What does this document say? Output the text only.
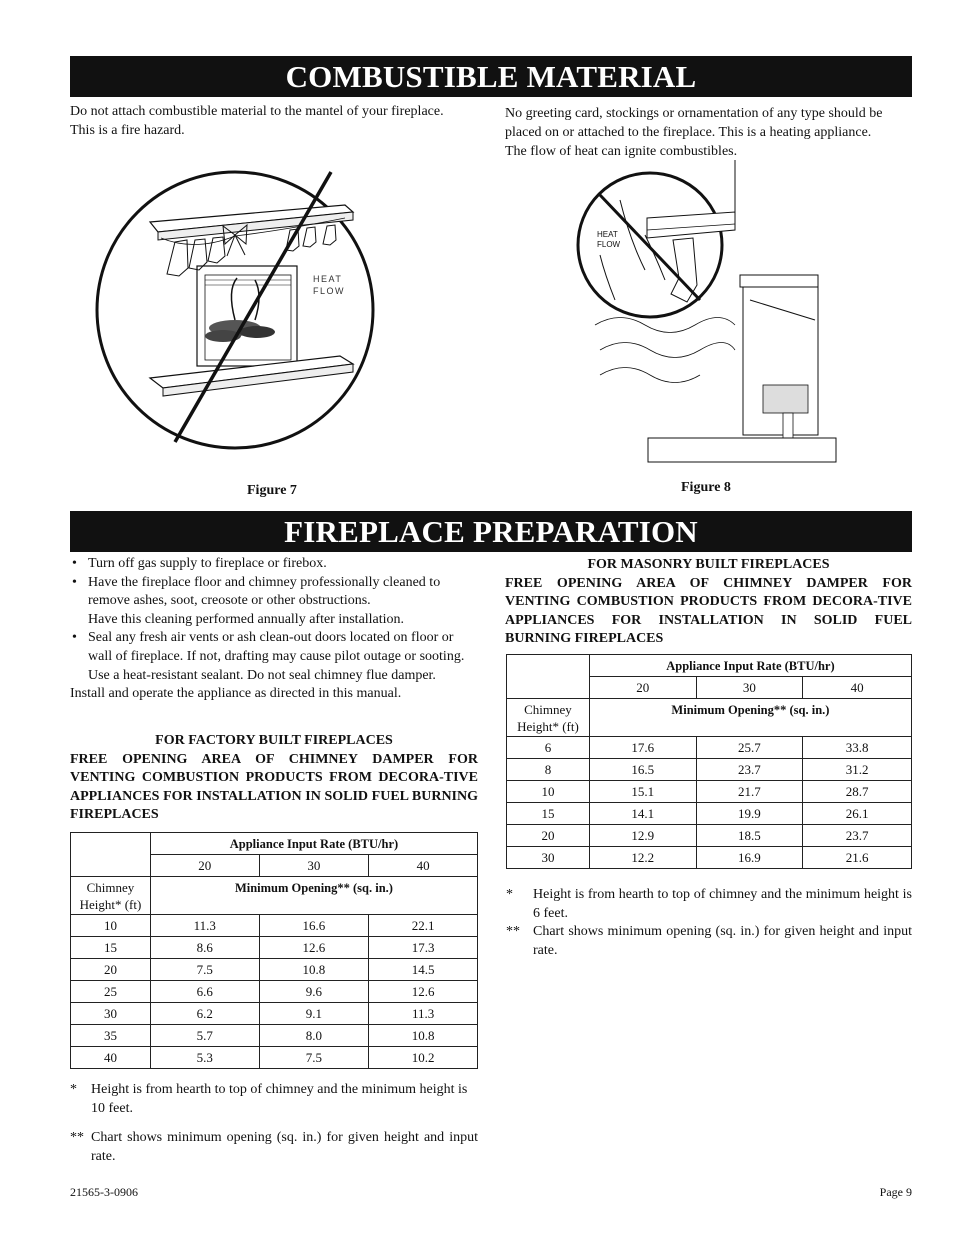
COMBUSTIBLE MATERIAL
Do not attach combustible material to the mantel of your fireplace.
This is a fire hazard.
No greeting card, stockings or ornamentation of any type should be
placed on or attached to the fireplace. This is a heating appliance.
The flow of heat can ignite combustibles.
HEAT
FLOW
Figure 7
HEAT
FLOW
Figure 8
FIREPLACE PREPARATION
• Turn off gas supply to fireplace or firebox.
• Have the fireplace floor and chimney professionally cleaned to remove ashes, soot, creosote or other obstructions.
Have this cleaning performed annually after installation.
• Seal any fresh air vents or ash clean-out doors located on floor or wall of fireplace. If not, drafting may cause pilot outage or sooting. Use a heat-resistant sealant. Do not seal chimney flue damper.
Install and operate the appliance as directed in this manual.
FOR FACTORY BUILT FIREPLACES
FREE OPENING AREA OF CHIMNEY DAMPER FOR VENTING COMBUSTION PRODUCTS FROM DECORA-TIVE APPLIANCES FOR INSTALLATION IN SOLID FUEL BURNING FIREPLACES
	Appliance Input Rate (BTU/hr)		
	20	30	40

Chimney
Height* (ft)	Minimum Opening** (sq. in.)		
10	11.3	16.6	22.1
15	8.6	12.6	17.3
20	7.5	10.8	14.5
25	6.6	9.6	12.6
30	6.2	9.1	11.3
35	5.7	8.0	10.8
40	5.3	7.5	10.2
*	Height is from hearth to top of chimney and the minimum height is 10 feet.
** Chart shows minimum opening (sq. in.) for given height and input rate.
FOR MASONRY BUILT FIREPLACES
FREE OPENING AREA OF CHIMNEY DAMPER FOR VENTING COMBUSTION PRODUCTS FROM DECORA-TIVE APPLIANCES FOR INSTALLATION IN SOLID FUEL BURNING FIREPLACES
	Appliance Input Rate (BTU/hr)		
	20	30	40

Chimney
Height* (ft)	Minimum Opening** (sq. in.)		
6	17.6	25.7	33.8
8	16.5	23.7	31.2
10	15.1	21.7	28.7
15	14.1	19.9	26.1
20	12.9	18.5	23.7
30	12.2	16.9	21.6
*	Height is from hearth to top of chimney and the minimum height is 6 feet.
** Chart shows minimum opening (sq. in.) for given height and input rate.
21565-3-0906	Page 9
